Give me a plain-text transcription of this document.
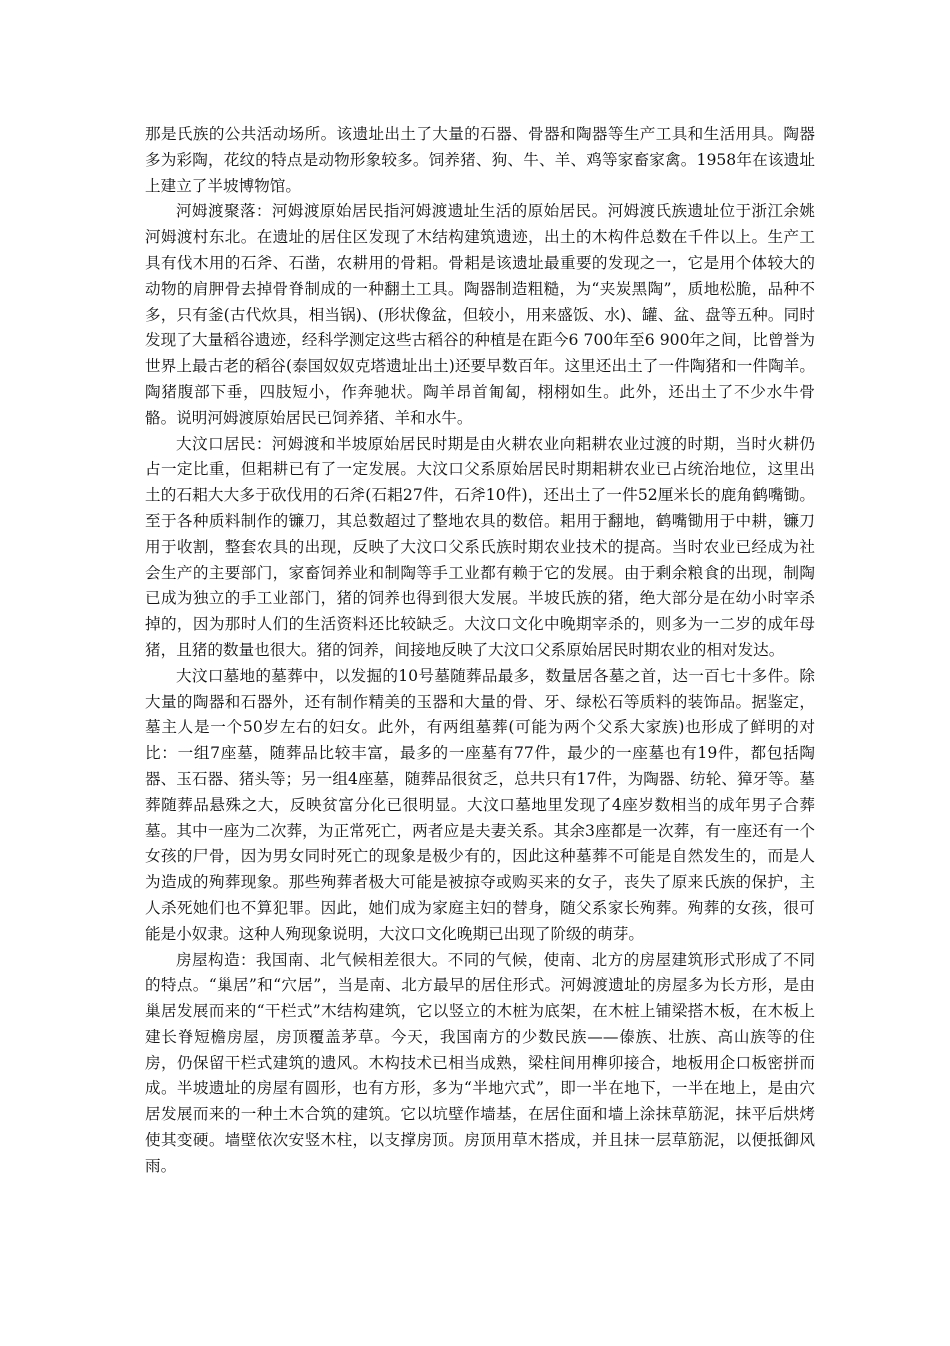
那是氏族的公共活动场所。该遗址出土了大量的石器、骨器和陶器等生产工具和生活用具。陶器多为彩陶，花纹的特点是动物形象较多。饲养猪、狗、牛、羊、鸡等家畜家禽。1958年在该遗址上建立了半坡博物馆。

河姆渡聚落：河姆渡原始居民指河姆渡遗址生活的原始居民。河姆渡氏族遗址位于浙江余姚河姆渡村东北。在遗址的居住区发现了木结构建筑遗迹，出土的木构件总数在千件以上。生产工具有伐木用的石斧、石凿，农耕用的骨耜。骨耜是该遗址最重要的发现之一，它是用个体较大的动物的肩胛骨去掉骨脊制成的一种翻土工具。陶器制造粗糙，为“夹炭黑陶”，质地松脆，品种不多，只有釜(古代炊具，相当锅)、(形状像盆，但较小，用来盛饭、水)、罐、盆、盘等五种。同时发现了大量稻谷遗迹，经科学测定这些古稻谷的种植是在距今6 700年至6 900年之间，比曾誉为世界上最古老的稻谷(泰国奴奴克塔遗址出土)还要早数百年。这里还出土了一件陶猪和一件陶羊。陶猪腹部下垂，四肢短小，作奔驰状。陶羊昂首匍匐，栩栩如生。此外，还出土了不少水牛骨骼。说明河姆渡原始居民已饲养猪、羊和水牛。

大汶口居民：河姆渡和半坡原始居民时期是由火耕农业向耜耕农业过渡的时期，当时火耕仍占一定比重，但耜耕已有了一定发展。大汶口父系原始居民时期耜耕农业已占统治地位，这里出土的石耜大大多于砍伐用的石斧(石耜27件，石斧10件)，还出土了一件52厘米长的鹿角鹤嘴锄。至于各种质料制作的镰刀，其总数超过了整地农具的数倍。耜用于翻地，鹤嘴锄用于中耕，镰刀用于收割，整套农具的出现，反映了大汶口父系氏族时期农业技术的提高。当时农业已经成为社会生产的主要部门，家畜饲养业和制陶等手工业都有赖于它的发展。由于剩余粮食的出现，制陶已成为独立的手工业部门，猪的饲养也得到很大发展。半坡氏族的猪，绝大部分是在幼小时宰杀掉的，因为那时人们的生活资料还比较缺乏。大汶口文化中晚期宰杀的，则多为一二岁的成年母猪，且猪的数量也很大。猪的饲养，间接地反映了大汶口父系原始居民时期农业的相对发达。

大汶口墓地的墓葬中，以发掘的10号墓随葬品最多，数量居各墓之首，达一百七十多件。除大量的陶器和石器外，还有制作精美的玉器和大量的骨、牙、绿松石等质料的装饰品。据鉴定，墓主人是一个50岁左右的妇女。此外，有两组墓葬(可能为两个父系大家族)也形成了鲜明的对比：一组7座墓，随葬品比较丰富，最多的一座墓有77件，最少的一座墓也有19件，都包括陶器、玉石器、猪头等；另一组4座墓，随葬品很贫乏，总共只有17件，为陶器、纺轮、獐牙等。墓葬随葬品悬殊之大，反映贫富分化已很明显。大汶口墓地里发现了4座岁数相当的成年男子合葬墓。其中一座为二次葬，为正常死亡，两者应是夫妻关系。其余3座都是一次葬，有一座还有一个女孩的尸骨，因为男女同时死亡的现象是极少有的，因此这种墓葬不可能是自然发生的，而是人为造成的殉葬现象。那些殉葬者极大可能是被掠夺或购买来的女子，丧失了原来氏族的保护，主人杀死她们也不算犯罪。因此，她们成为家庭主妇的替身，随父系家长殉葬。殉葬的女孩，很可能是小奴隶。这种人殉现象说明，大汶口文化晚期已出现了阶级的萌芽。

房屋构造：我国南、北气候相差很大。不同的气候，使南、北方的房屋建筑形式形成了不同的特点。“巢居”和“穴居”，当是南、北方最早的居住形式。河姆渡遗址的房屋多为长方形，是由巢居发展而来的“干栏式”木结构建筑，它以竖立的木桩为底架，在木桩上铺梁搭木板，在木板上建长脊短檐房屋，房顶覆盖茅草。今天，我国南方的少数民族——傣族、壮族、高山族等的住房，仍保留干栏式建筑的遗风。木构技术已相当成熟，梁柱间用榫卯接合，地板用企口板密拼而成。半坡遗址的房屋有圆形，也有方形，多为“半地穴式”，即一半在地下，一半在地上，是由穴居发展而来的一种土木合筑的建筑。它以坑壁作墙基，在居住面和墙上涂抹草筋泥，抹平后烘烤使其变硬。墙壁依次安竖木柱，以支撑房顶。房顶用草木搭成，并且抹一层草筋泥，以便抵御风雨。
